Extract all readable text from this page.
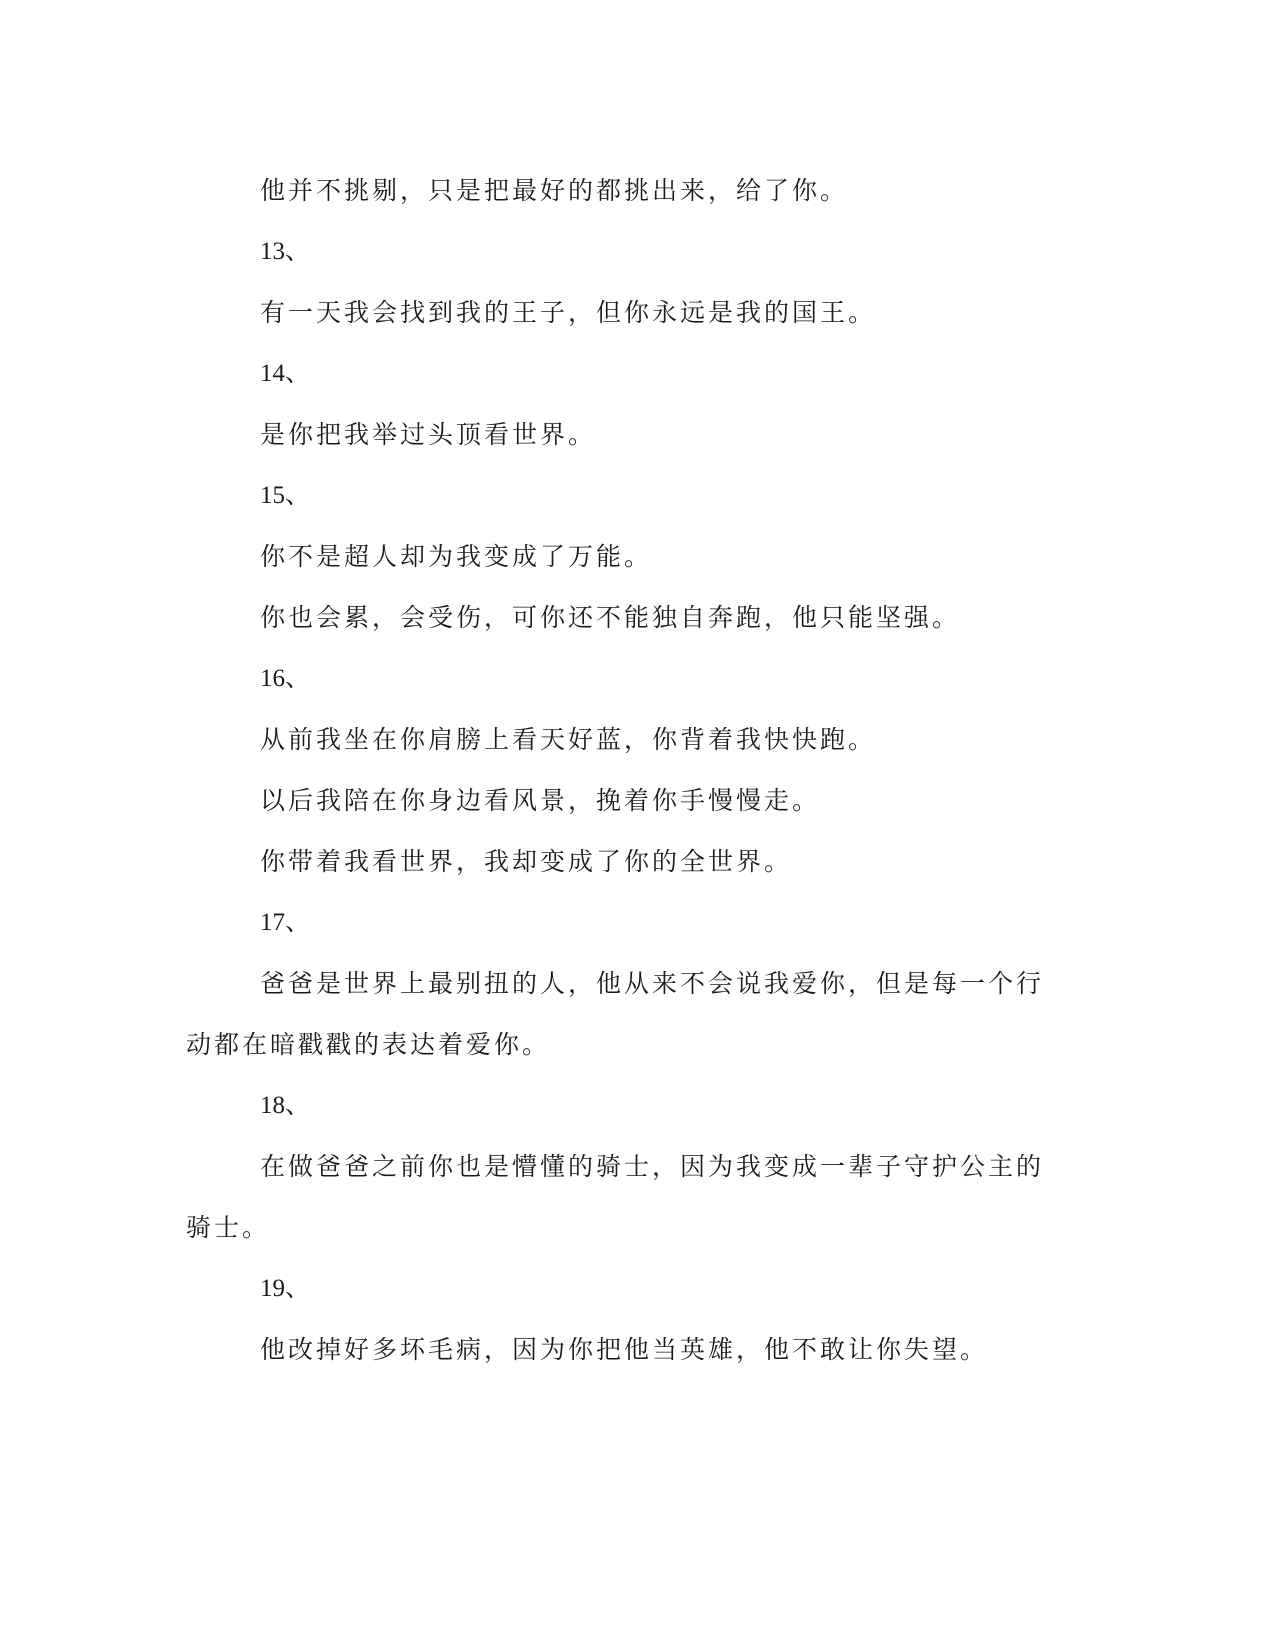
他并不挑剔，只是把最好的都挑出来，给了你。
13、
有一天我会找到我的王子，但你永远是我的国王。
14、
是你把我举过头顶看世界。
15、
你不是超人却为我变成了万能。
你也会累，会受伤，可你还不能独自奔跑，他只能坚强。
16、
从前我坐在你肩膀上看天好蓝，你背着我快快跑。
以后我陪在你身边看风景，挽着你手慢慢走。
你带着我看世界，我却变成了你的全世界。
17、
爸爸是世界上最别扭的人，他从来不会说我爱你，但是每一个行动都在暗戳戳的表达着爱你。
18、
在做爸爸之前你也是懵懂的骑士，因为我变成一辈子守护公主的骑士。
19、
他改掉好多坏毛病，因为你把他当英雄，他不敢让你失望。
